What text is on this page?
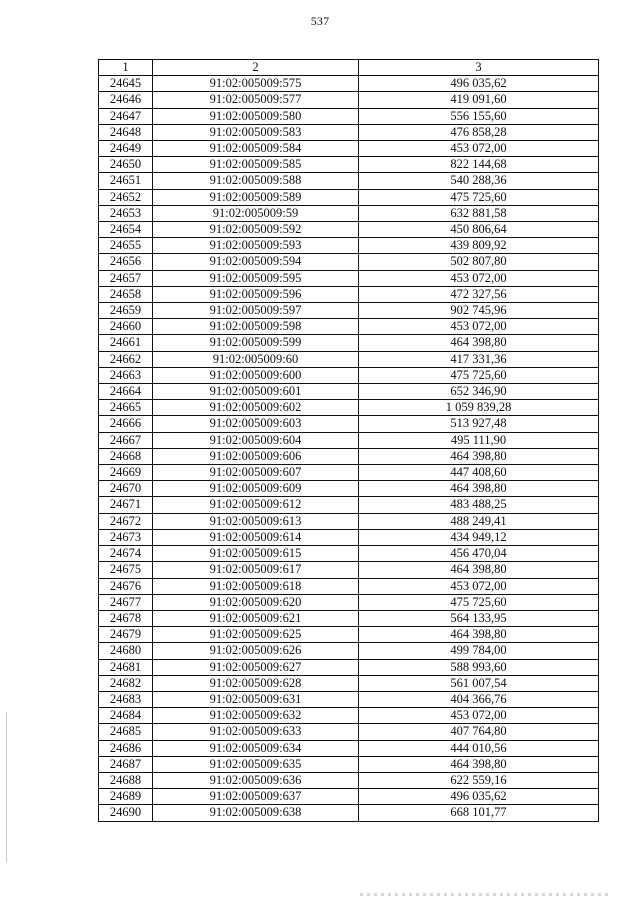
537
1	2	3
24645	91:02:005009:575	496 035,62
24646	91:02:005009:577	419 091,60
24647	91:02:005009:580	556 155,60
24648	91:02:005009:583	476 858,28
24649	91:02:005009:584	453 072,00
24650	91:02:005009:585	822 144,68
24651	91:02:005009:588	540 288,36
24652	91:02:005009:589	475 725,60
24653	91:02:005009:59	632 881,58
24654	91:02:005009:592	450 806,64
24655	91:02:005009:593	439 809,92
24656	91:02:005009:594	502 807,80
24657	91:02:005009:595	453 072,00
24658	91:02:005009:596	472 327,56
24659	91:02:005009:597	902 745,96
24660	91:02:005009:598	453 072,00
24661	91:02:005009:599	464 398,80
24662	91:02:005009:60	417 331,36
24663	91:02:005009:600	475 725,60
24664	91:02:005009:601	652 346,90
24665	91:02:005009:602	1 059 839,28
24666	91:02:005009:603	513 927,48
24667	91:02:005009:604	495 111,90
24668	91:02:005009:606	464 398,80
24669	91:02:005009:607	447 408,60
24670	91:02:005009:609	464 398,80
24671	91:02:005009:612	483 488,25
24672	91:02:005009:613	488 249,41
24673	91:02:005009:614	434 949,12
24674	91:02:005009:615	456 470,04
24675	91:02:005009:617	464 398,80
24676	91:02:005009:618	453 072,00
24677	91:02:005009:620	475 725,60
24678	91:02:005009:621	564 133,95
24679	91:02:005009:625	464 398,80
24680	91:02:005009:626	499 784,00
24681	91:02:005009:627	588 993,60
24682	91:02:005009:628	561 007,54
24683	91:02:005009:631	404 366,76
24684	91:02:005009:632	453 072,00
24685	91:02:005009:633	407 764,80
24686	91:02:005009:634	444 010,56
24687	91:02:005009:635	464 398,80
24688	91:02:005009:636	622 559,16
24689	91:02:005009:637	496 035,62
24690	91:02:005009:638	668 101,77
